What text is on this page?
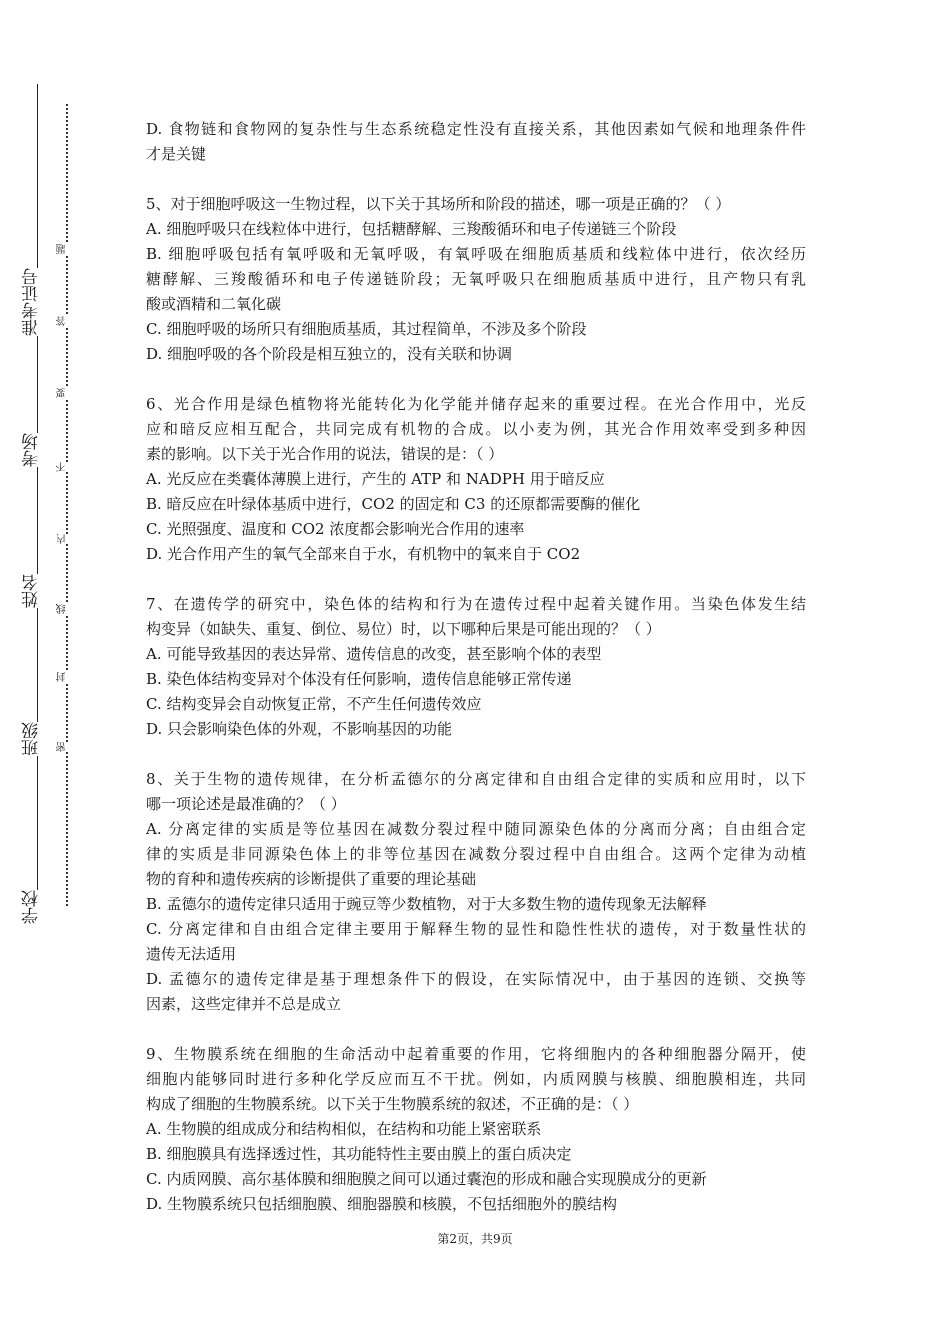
学校
班级
姓名
考场
准考证号
密
封
线
内
不
要
答
题
D. 食物链和食物网的复杂性与生态系统稳定性没有直接关系，其他因素如气候和地理条件件
才是关键
5、对于细胞呼吸这一生物过程，以下关于其场所和阶段的描述，哪一项是正确的？（ ）
A. 细胞呼吸只在线粒体中进行，包括糖酵解、三羧酸循环和电子传递链三个阶段
B. 细胞呼吸包括有氧呼吸和无氧呼吸，有氧呼吸在细胞质基质和线粒体中进行，依次经历
糖酵解、三羧酸循环和电子传递链阶段；无氧呼吸只在细胞质基质中进行，且产物只有乳
酸或酒精和二氧化碳
C. 细胞呼吸的场所只有细胞质基质，其过程简单，不涉及多个阶段
D. 细胞呼吸的各个阶段是相互独立的，没有关联和协调
6、光合作用是绿色植物将光能转化为化学能并储存起来的重要过程。在光合作用中，光反
应和暗反应相互配合，共同完成有机物的合成。以小麦为例，其光合作用效率受到多种因
素的影响。以下关于光合作用的说法，错误的是：（ ）
A. 光反应在类囊体薄膜上进行，产生的 ATP 和 NADPH 用于暗反应
B. 暗反应在叶绿体基质中进行，CO2 的固定和 C3 的还原都需要酶的催化
C. 光照强度、温度和 CO2 浓度都会影响光合作用的速率
D. 光合作用产生的氧气全部来自于水，有机物中的氧来自于 CO2
7、在遗传学的研究中，染色体的结构和行为在遗传过程中起着关键作用。当染色体发生结
构变异（如缺失、重复、倒位、易位）时，以下哪种后果是可能出现的？（ ）
A. 可能导致基因的表达异常、遗传信息的改变，甚至影响个体的表型
B. 染色体结构变异对个体没有任何影响，遗传信息能够正常传递
C. 结构变异会自动恢复正常，不产生任何遗传效应
D. 只会影响染色体的外观，不影响基因的功能
8、关于生物的遗传规律，在分析孟德尔的分离定律和自由组合定律的实质和应用时，以下
哪一项论述是最准确的？（ ）
A. 分离定律的实质是等位基因在减数分裂过程中随同源染色体的分离而分离；自由组合定
律的实质是非同源染色体上的非等位基因在减数分裂过程中自由组合。这两个定律为动植
物的育种和遗传疾病的诊断提供了重要的理论基础
B. 孟德尔的遗传定律只适用于豌豆等少数植物，对于大多数生物的遗传现象无法解释
C. 分离定律和自由组合定律主要用于解释生物的显性和隐性性状的遗传，对于数量性状的
遗传无法适用
D. 孟德尔的遗传定律是基于理想条件下的假设，在实际情况中，由于基因的连锁、交换等
因素，这些定律并不总是成立
9、生物膜系统在细胞的生命活动中起着重要的作用，它将细胞内的各种细胞器分隔开，使
细胞内能够同时进行多种化学反应而互不干扰。例如，内质网膜与核膜、细胞膜相连，共同
构成了细胞的生物膜系统。以下关于生物膜系统的叙述，不正确的是：（ ）
A. 生物膜的组成成分和结构相似，在结构和功能上紧密联系
B. 细胞膜具有选择透过性，其功能特性主要由膜上的蛋白质决定
C. 内质网膜、高尔基体膜和细胞膜之间可以通过囊泡的形成和融合实现膜成分的更新
D. 生物膜系统只包括细胞膜、细胞器膜和核膜，不包括细胞外的膜结构
第2页，共9页
